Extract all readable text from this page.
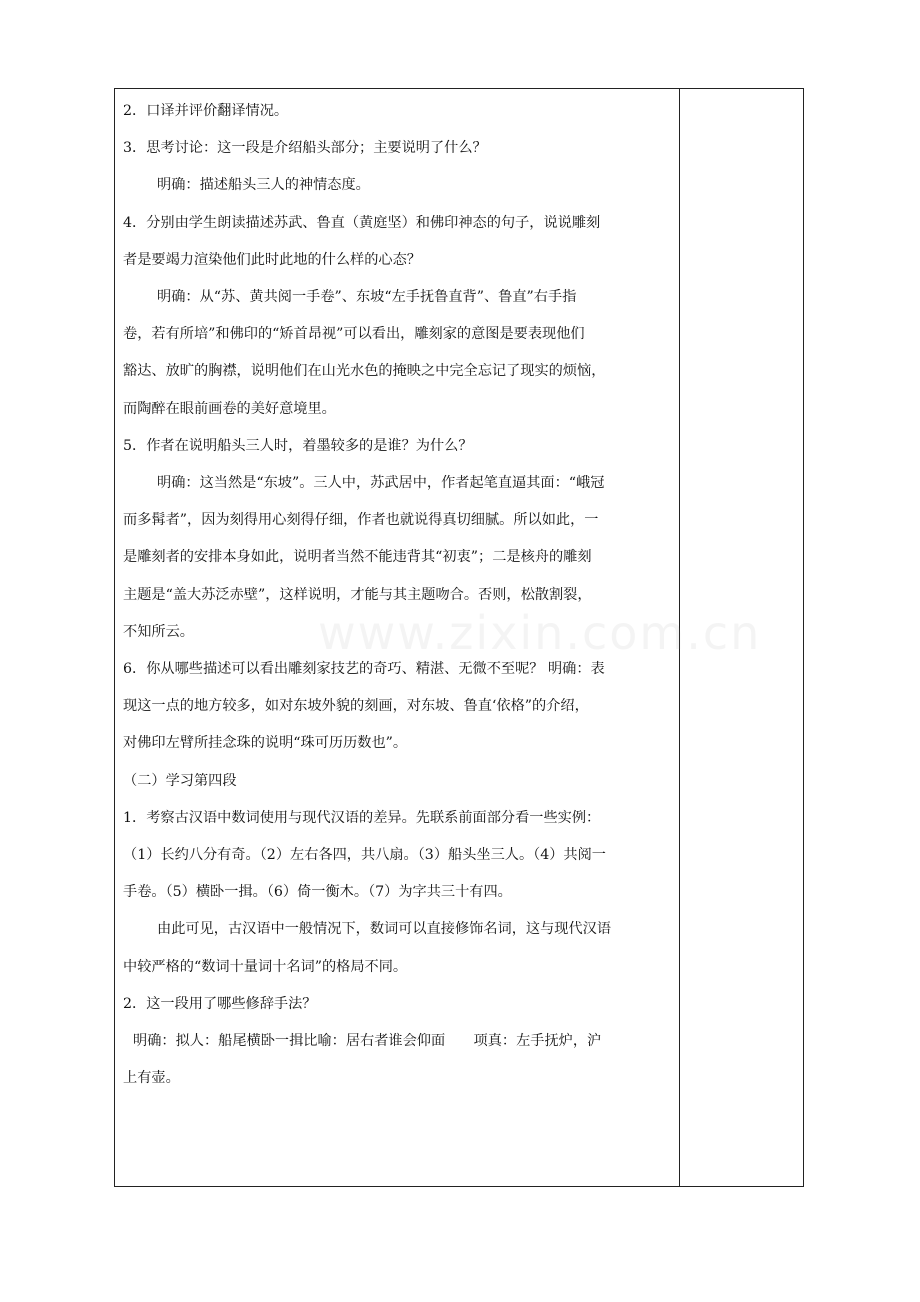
2．口译并评价翻译情况。

3．思考讨论：这一段是介绍船头部分；主要说明了什么？

明确：描述船头三人的神情态度。

4．分别由学生朗读描述苏武、鲁直（黄庭坚）和佛印神态的句子，说说雕刻

者是要竭力渲染他们此时此地的什么样的心态？

明确：从“苏、黄共阅一手卷”、东坡“左手抚鲁直背”、鲁直”右手指

卷，若有所培”和佛印的“矫首昂视”可以看出，雕刻家的意图是要表现他们

豁达、放旷的胸襟，说明他们在山光水色的掩映之中完全忘记了现实的烦恼，

而陶醉在眼前画卷的美好意境里。

5．作者在说明船头三人时，着墨较多的是谁？为什么？

明确：这当然是“东坡”。三人中，苏武居中，作者起笔直逼其面：“峨冠

而多髯者”，因为刻得用心刻得仔细，作者也就说得真切细腻。所以如此，一

是雕刻者的安排本身如此，说明者当然不能违背其“初衷”；二是核舟的雕刻

主题是“盖大苏泛赤壁”，这样说明，才能与其主题吻合。否则，松散割裂，

不知所云。

6．你从哪些描述可以看出雕刻家技艺的奇巧、精湛、无微不至呢？ 明确：表

现这一点的地方较多，如对东坡外貌的刻画，对东坡、鲁直‘依格”的介绍，

对佛印左臂所挂念珠的说明“珠可历历数也”。

（二）学习第四段

1．考察古汉语中数词使用与现代汉语的差异。先联系前面部分看一些实例：

（1）长约八分有奇。（2）左右各四，共八扇。（3）船头坐三人。（4）共阅一

手卷。（5）横卧一揖。（6）倚一衡木。（7）为字共三十有四。

由此可见，古汉语中一般情况下，数词可以直接修饰名词，这与现代汉语

中较严格的“数词十量词十名词”的格局不同。

2．这一段用了哪些修辞手法？

明确：拟人：船尾横卧一揖比喻：居右者谁会仰面　　项真：左手抚炉，沪

上有壶。

www.zixin.com.cn
